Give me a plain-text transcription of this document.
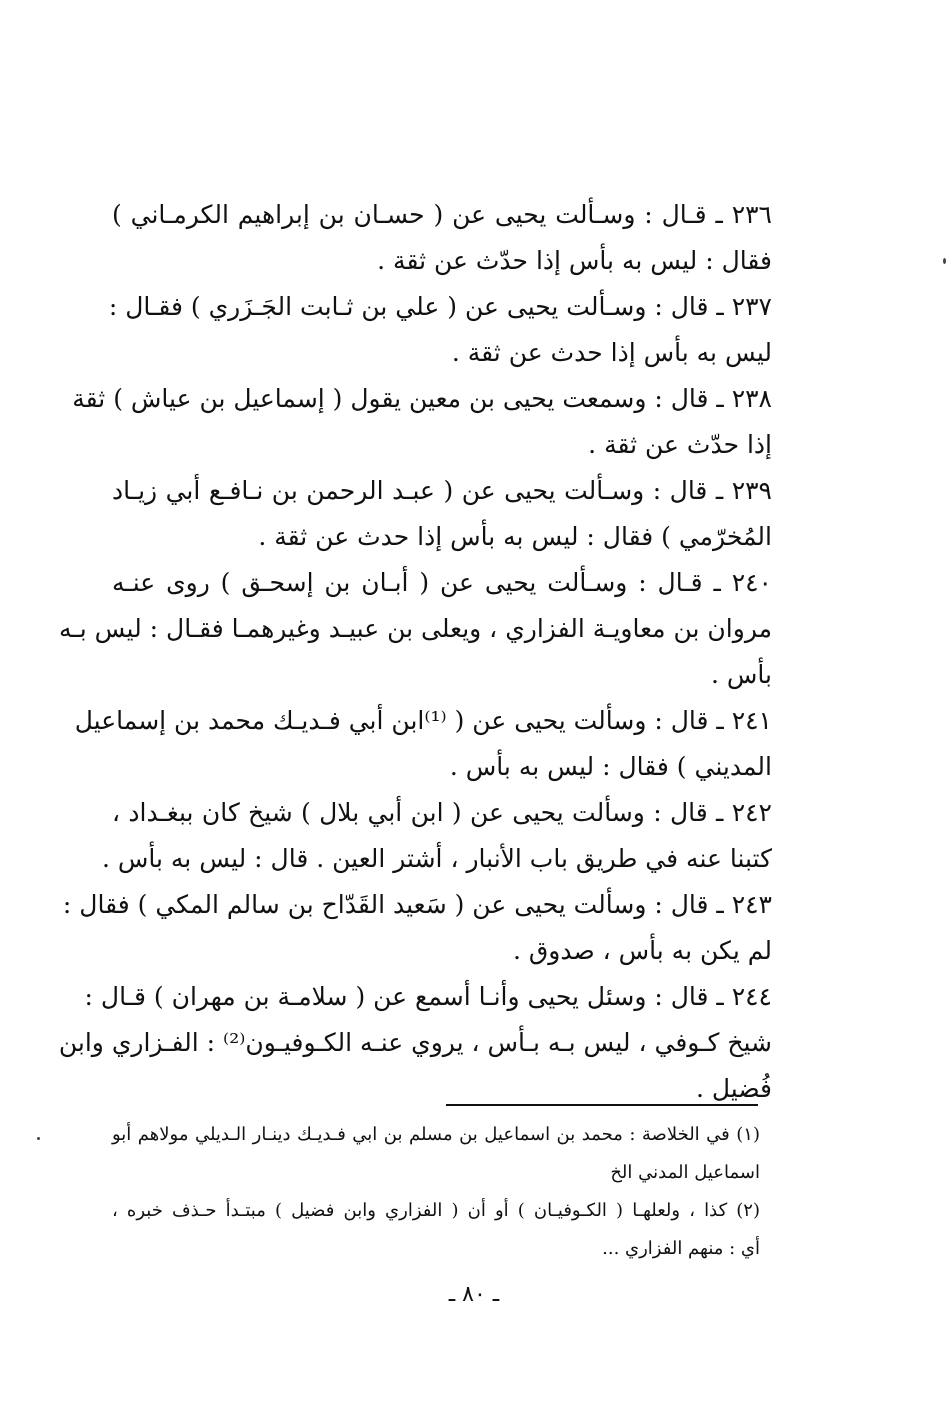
٢٣٦ ـ قـال : وسـألت يحيى عن ( حسـان بن إبراهيم الكرمـاني )
فقال : ليس به بأس إذا حدّث عن ثقة .
٢٣٧ ـ قال : وسـألت يحيى عن ( علي بن ثـابت الجَـزَري ) فقـال :
ليس به بأس إذا حدث عن ثقة .
٢٣٨ ـ قال : وسمعت يحيى بن معين يقول ( إسماعيل بن عياش ) ثقة
إذا حدّث عن ثقة .
٢٣٩ ـ قال : وسـألت يحيى عن ( عبـد الرحمن بن نـافـع أبي زيـاد
المُخرّمي ) فقال : ليس به بأس إذا حدث عن ثقة .
٢٤٠ ـ قـال : وسـألت يحيى عن ( أبـان بن إسحـق ) روى عنـه
مروان بن معاويـة الفزاري ، ويعلى بن عبيـد وغيرهمـا فقـال : ليس بـه
بأس .
٢٤١ ـ قال : وسألت يحيى عن ( ⁽¹⁾ابن أبي فـديـك محمد بن إسماعيل
المديني ) فقال : ليس به بأس .
٢٤٢ ـ قال : وسألت يحيى عن ( ابن أبي بلال ) شيخ كان ببغـداد ،
كتبنا عنه في طريق باب الأنبار ، أشتر العين . قال : ليس به بأس .
٢٤٣ ـ قال : وسألت يحيى عن ( سَعيد القَدّاح بن سالم المكي ) فقال :
لم يكن به بأس ، صدوق .
٢٤٤ ـ قال : وسئل يحيى وأنـا أسمع عن ( سلامـة بن مهران ) قـال :
شيخ كـوفي ، ليس بـه بـأس ، يروي عنـه الكـوفيـون⁽²⁾ : الفـزاري وابن
فُضيل .
(١) في الخلاصة : محمد بن اسماعيل بن مسلم بن ابي فـديـك دينـار الـديلي مولاهم أبو
اسماعيل المدني الخ
(٢) كذا ، ولعلهـا ( الكـوفيـان ) أو أن ( الفزاري وابن فضيل ) مبتـدأ حـذف خبره ،
أي : منهم الفزاري ...
ـ ٨٠ ـ
